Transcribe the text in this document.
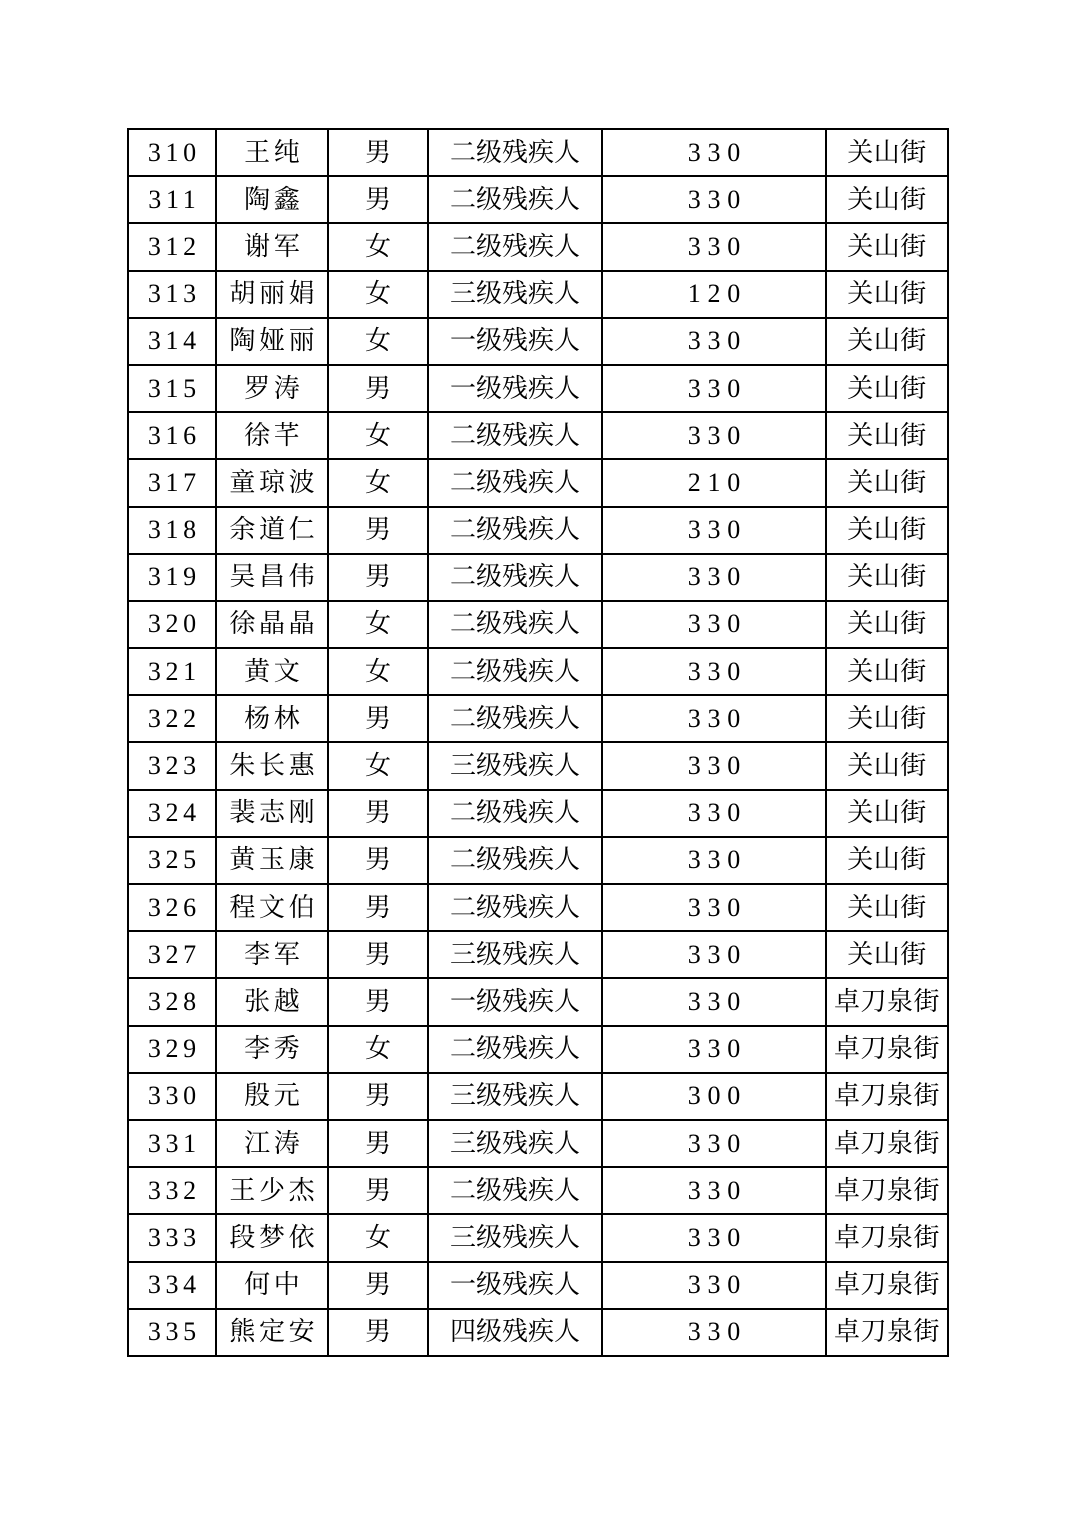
310	王纯	男	二级残疾人	330	关山街
311	陶鑫	男	二级残疾人	330	关山街
312	谢军	女	二级残疾人	330	关山街
313	胡丽娟	女	三级残疾人	120	关山街
314	陶娅丽	女	一级残疾人	330	关山街
315	罗涛	男	一级残疾人	330	关山街
316	徐芊	女	二级残疾人	330	关山街
317	童琼波	女	二级残疾人	210	关山街
318	余道仁	男	二级残疾人	330	关山街
319	吴昌伟	男	二级残疾人	330	关山街
320	徐晶晶	女	二级残疾人	330	关山街
321	黄文	女	二级残疾人	330	关山街
322	杨林	男	二级残疾人	330	关山街
323	朱长惠	女	三级残疾人	330	关山街
324	裴志刚	男	二级残疾人	330	关山街
325	黄玉康	男	二级残疾人	330	关山街
326	程文伯	男	二级残疾人	330	关山街
327	李军	男	三级残疾人	330	关山街
328	张越	男	一级残疾人	330	卓刀泉街
329	李秀	女	二级残疾人	330	卓刀泉街
330	殷元	男	三级残疾人	300	卓刀泉街
331	江涛	男	三级残疾人	330	卓刀泉街
332	王少杰	男	二级残疾人	330	卓刀泉街
333	段梦依	女	三级残疾人	330	卓刀泉街
334	何中	男	一级残疾人	330	卓刀泉街
335	熊定安	男	四级残疾人	330	卓刀泉街
